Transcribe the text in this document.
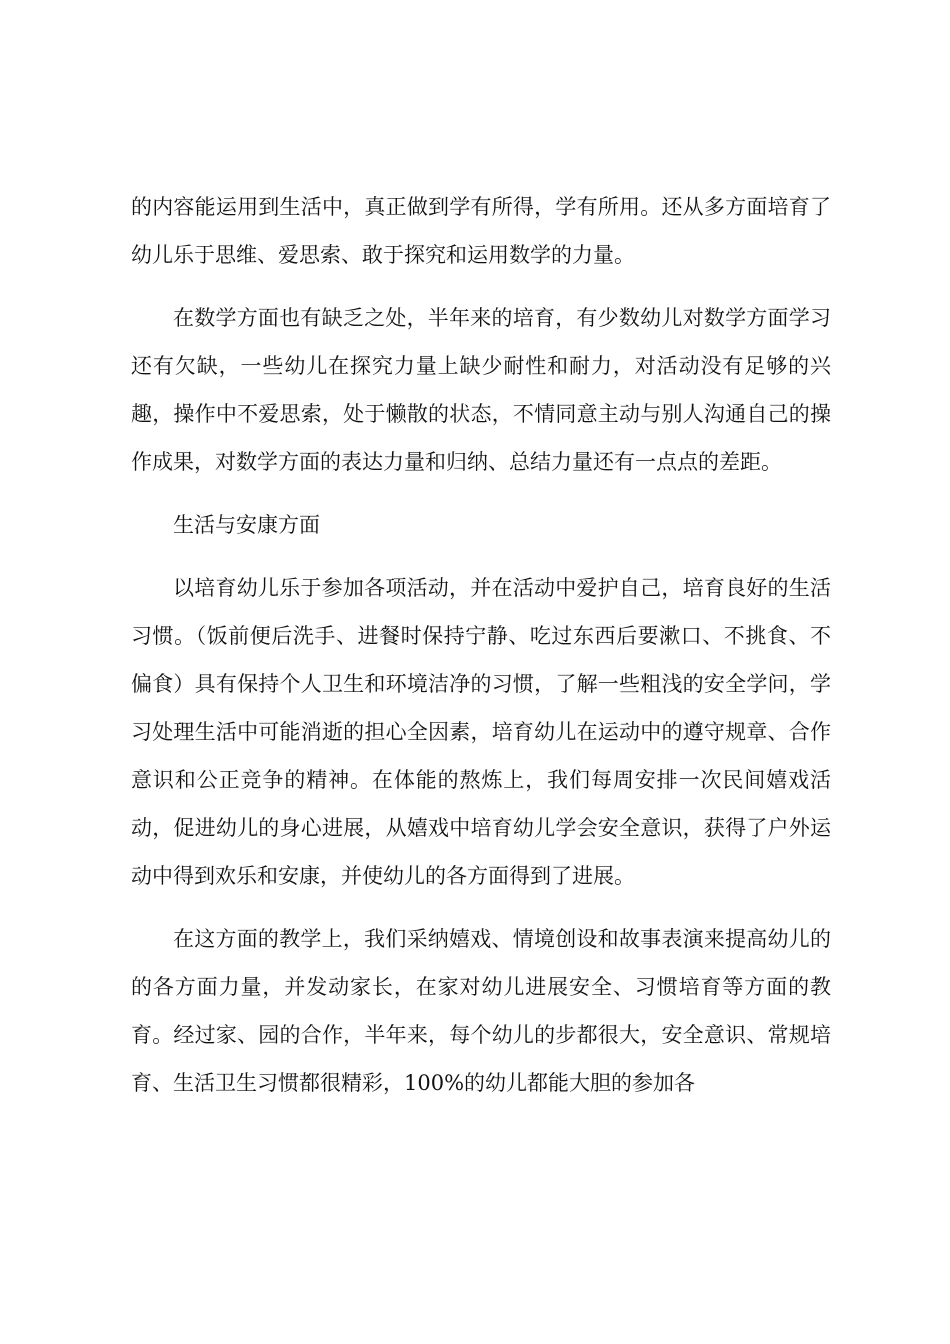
的内容能运用到生活中，真正做到学有所得，学有所用。还从多方面培育了幼儿乐于思维、爱思索、敢于探究和运用数学的力量。

在数学方面也有缺乏之处，半年来的培育，有少数幼儿对数学方面学习还有欠缺，一些幼儿在探究力量上缺少耐性和耐力，对活动没有足够的兴趣，操作中不爱思索，处于懒散的状态，不情同意主动与别人沟通自己的操作成果，对数学方面的表达力量和归纳、总结力量还有一点点的差距。

生活与安康方面

以培育幼儿乐于参加各项活动，并在活动中爱护自己，培育良好的生活习惯。（饭前便后洗手、进餐时保持宁静、吃过东西后要漱口、不挑食、不偏食）具有保持个人卫生和环境洁净的习惯，了解一些粗浅的安全学问，学习处理生活中可能消逝的担心全因素，培育幼儿在运动中的遵守规章、合作意识和公正竞争的精神。在体能的熬炼上，我们每周安排一次民间嬉戏活动，促进幼儿的身心进展，从嬉戏中培育幼儿学会安全意识，获得了户外运动中得到欢乐和安康，并使幼儿的各方面得到了进展。

在这方面的教学上，我们采纳嬉戏、情境创设和故事表演来提高幼儿的的各方面力量，并发动家长，在家对幼儿进展安全、习惯培育等方面的教育。经过家、园的合作，半年来，每个幼儿的步都很大，安全意识、常规培育、生活卫生习惯都很精彩，100%的幼儿都能大胆的参加各
